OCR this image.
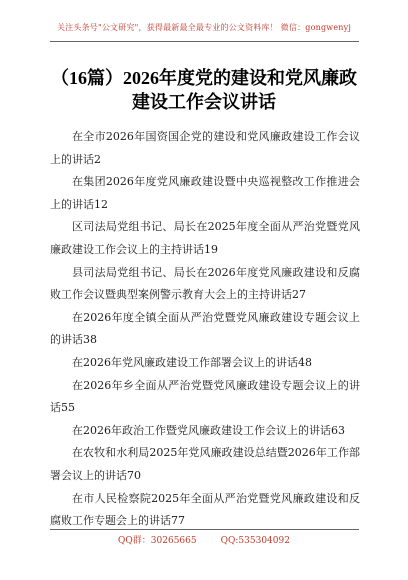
关注头条号"公文研究"，获得最新最全最专业的公文资料库！ 微信：gongwenyj
（16篇）2026年度党的建设和党风廉政
建设工作会议讲话
在全市2026年国资国企党的建设和党风廉政建设工作会议上的讲话2
在集团2026年度党风廉政建设暨中央巡视整改工作推进会上的讲话12
区司法局党组书记、局长在2025年度全面从严治党暨党风廉政建设工作会议上的主持讲话19
县司法局党组书记、局长在2026年度党风廉政建设和反腐败工作会议暨典型案例警示教育大会上的主持讲话27
在2026年度全镇全面从严治党暨党风廉政建设专题会议上的讲话38
在2026年党风廉政建设工作部署会议上的讲话48
在2026年乡全面从严治党暨党风廉政建设专题会议上的讲话55
在2026年政治工作暨党风廉政建设工作会议上的讲话63
在农牧和水利局2025年党风廉政建设总结暨2026年工作部署会议上的讲话70
在市人民检察院2025年全面从严治党暨党风廉政建设和反腐败工作专题会上的讲话77
QQ群：30265665	QQ:535304092
